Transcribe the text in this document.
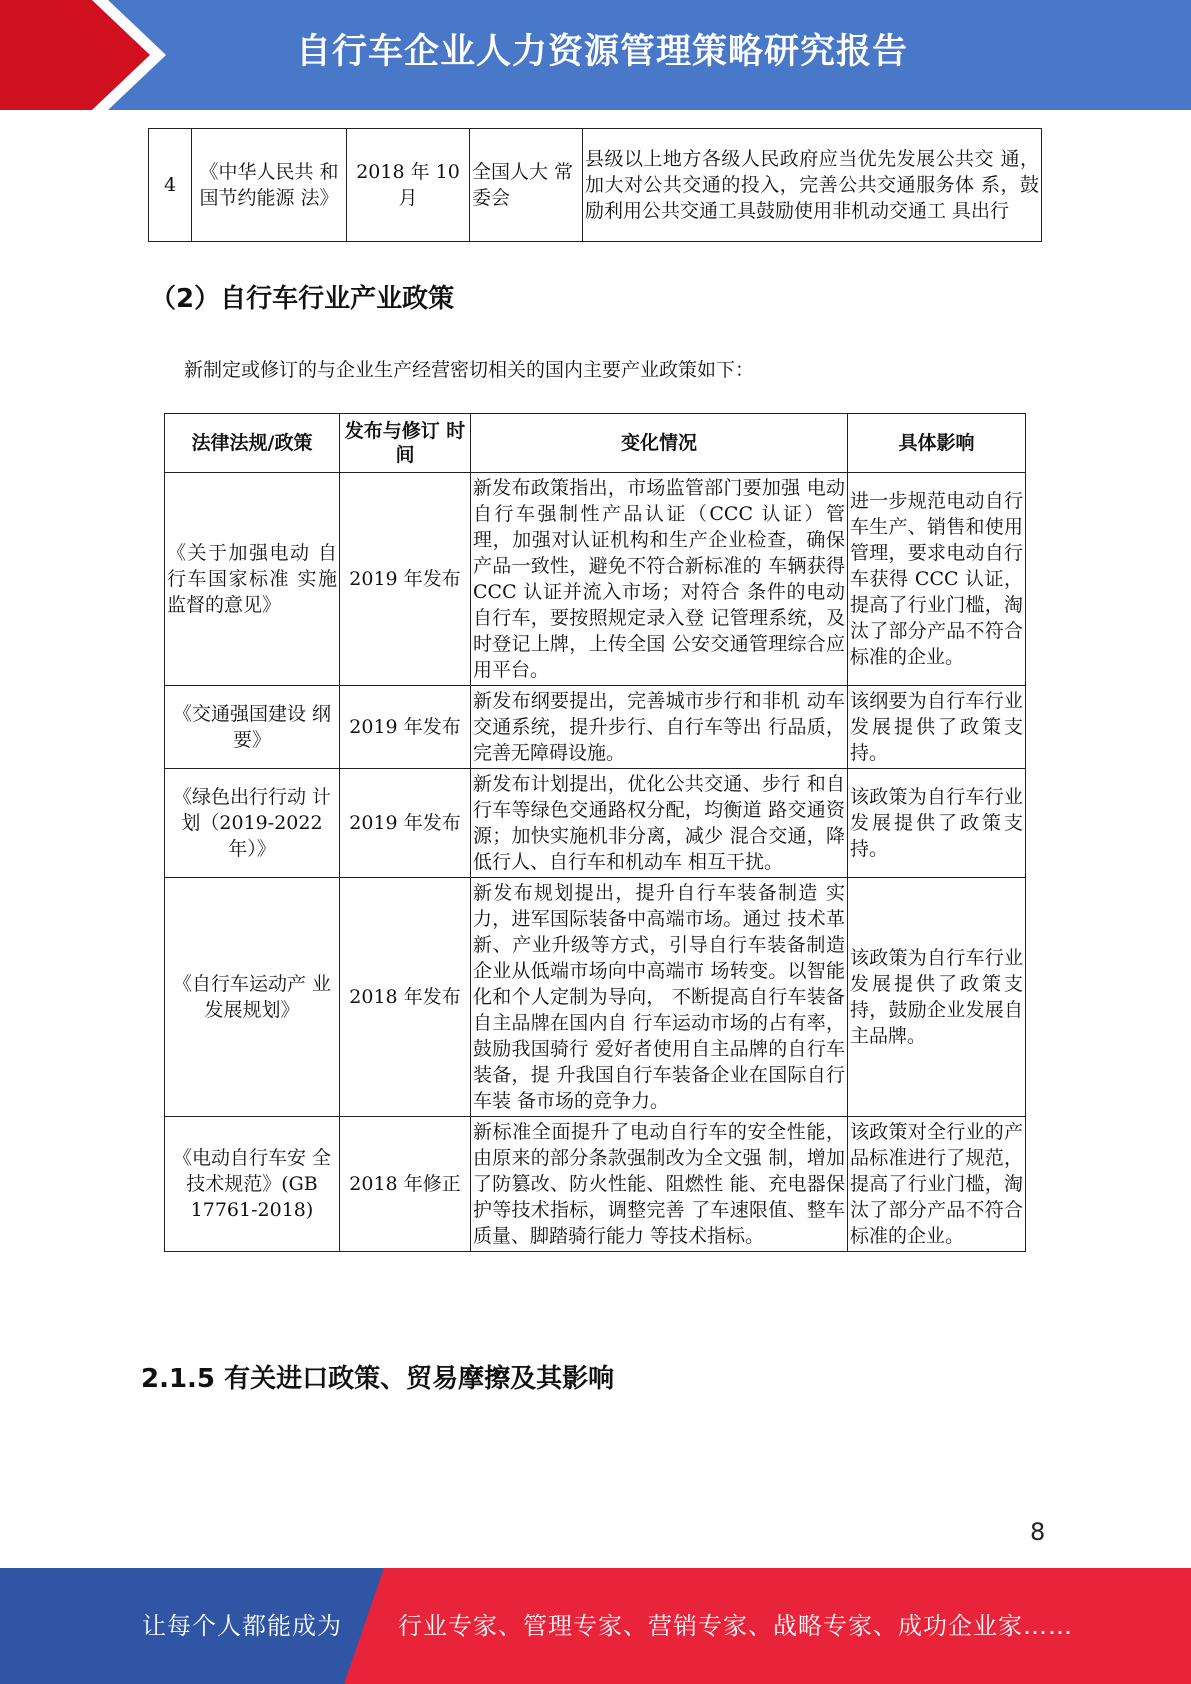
自行车企业人力资源管理策略研究报告
4	《中华人民共 和国节约能源 法》	2018 年 10 月	全国人大 常委会	县级以上地方各级人民政府应当优先发展公共交 通，加大对公共交通的投入，完善公共交通服务体 系，鼓励利用公共交通工具鼓励使用非机动交通工 具出行
（2）自行车行业产业政策
新制定或修订的与企业生产经营密切相关的国内主要产业政策如下：
法律法规/政策	发布与修订 时间	变化情况	具体影响
《关于加强电动 自行车国家标准 实施监督的意见》	2019 年发布	新发布政策指出，市场监管部门要加强 电动自行车强制性产品认证（CCC 认证）管理，加强对认证机构和生产企业检查，确保产品一致性，避免不符合新标准的 车辆获得 CCC 认证并流入市场；对符合 条件的电动自行车，要按照规定录入登 记管理系统，及时登记上牌，上传全国 公安交通管理综合应用平台。	进一步规范电动自行车生产、销售和使用管理，要求电动自行车获得 CCC 认证，提高了行业门槛，淘汰了部分产品不符合标准的企业。
《交通强国建设 纲要》	2019 年发布	新发布纲要提出，完善城市步行和非机 动车交通系统，提升步行、自行车等出 行品质，完善无障碍设施。	该纲要为自行车行业发展提供了政策支持。
《绿色出行行动 计划（2019-2022 年）》	2019 年发布	新发布计划提出，优化公共交通、步行 和自行车等绿色交通路权分配，均衡道 路交通资源；加快实施机非分离，减少 混合交通，降低行人、自行车和机动车 相互干扰。	该政策为自行车行业发展提供了政策支持。
《自行车运动产 业发展规划》	2018 年发布	新发布规划提出，提升自行车装备制造 实力，进军国际装备中高端市场。通过 技术革新、产业升级等方式，引导自行车装备制造企业从低端市场向中高端市 场转变。以智能化和个人定制为导向， 不断提高自行车装备自主品牌在国内自 行车运动市场的占有率，鼓励我国骑行 爱好者使用自主品牌的自行车装备，提 升我国自行车装备企业在国际自行车装 备市场的竞争力。	该政策为自行车行业发展提供了政策支持，鼓励企业发展自主品牌。
《电动自行车安 全技术规范》(GB 17761-2018)	2018 年修正	新标准全面提升了电动自行车的安全性能，由原来的部分条款强制改为全文强 制，增加了防篡改、防火性能、阻燃性 能、充电器保护等技术指标，调整完善 了车速限值、整车质量、脚踏骑行能力 等技术指标。	该政策对全行业的产品标准进行了规范，提高了行业门槛，淘汰了部分产品不符合标准的企业。
2.1.5 有关进口政策、贸易摩擦及其影响
8
让每个人都能成为 行业专家、管理专家、营销专家、战略专家、成功企业家……
